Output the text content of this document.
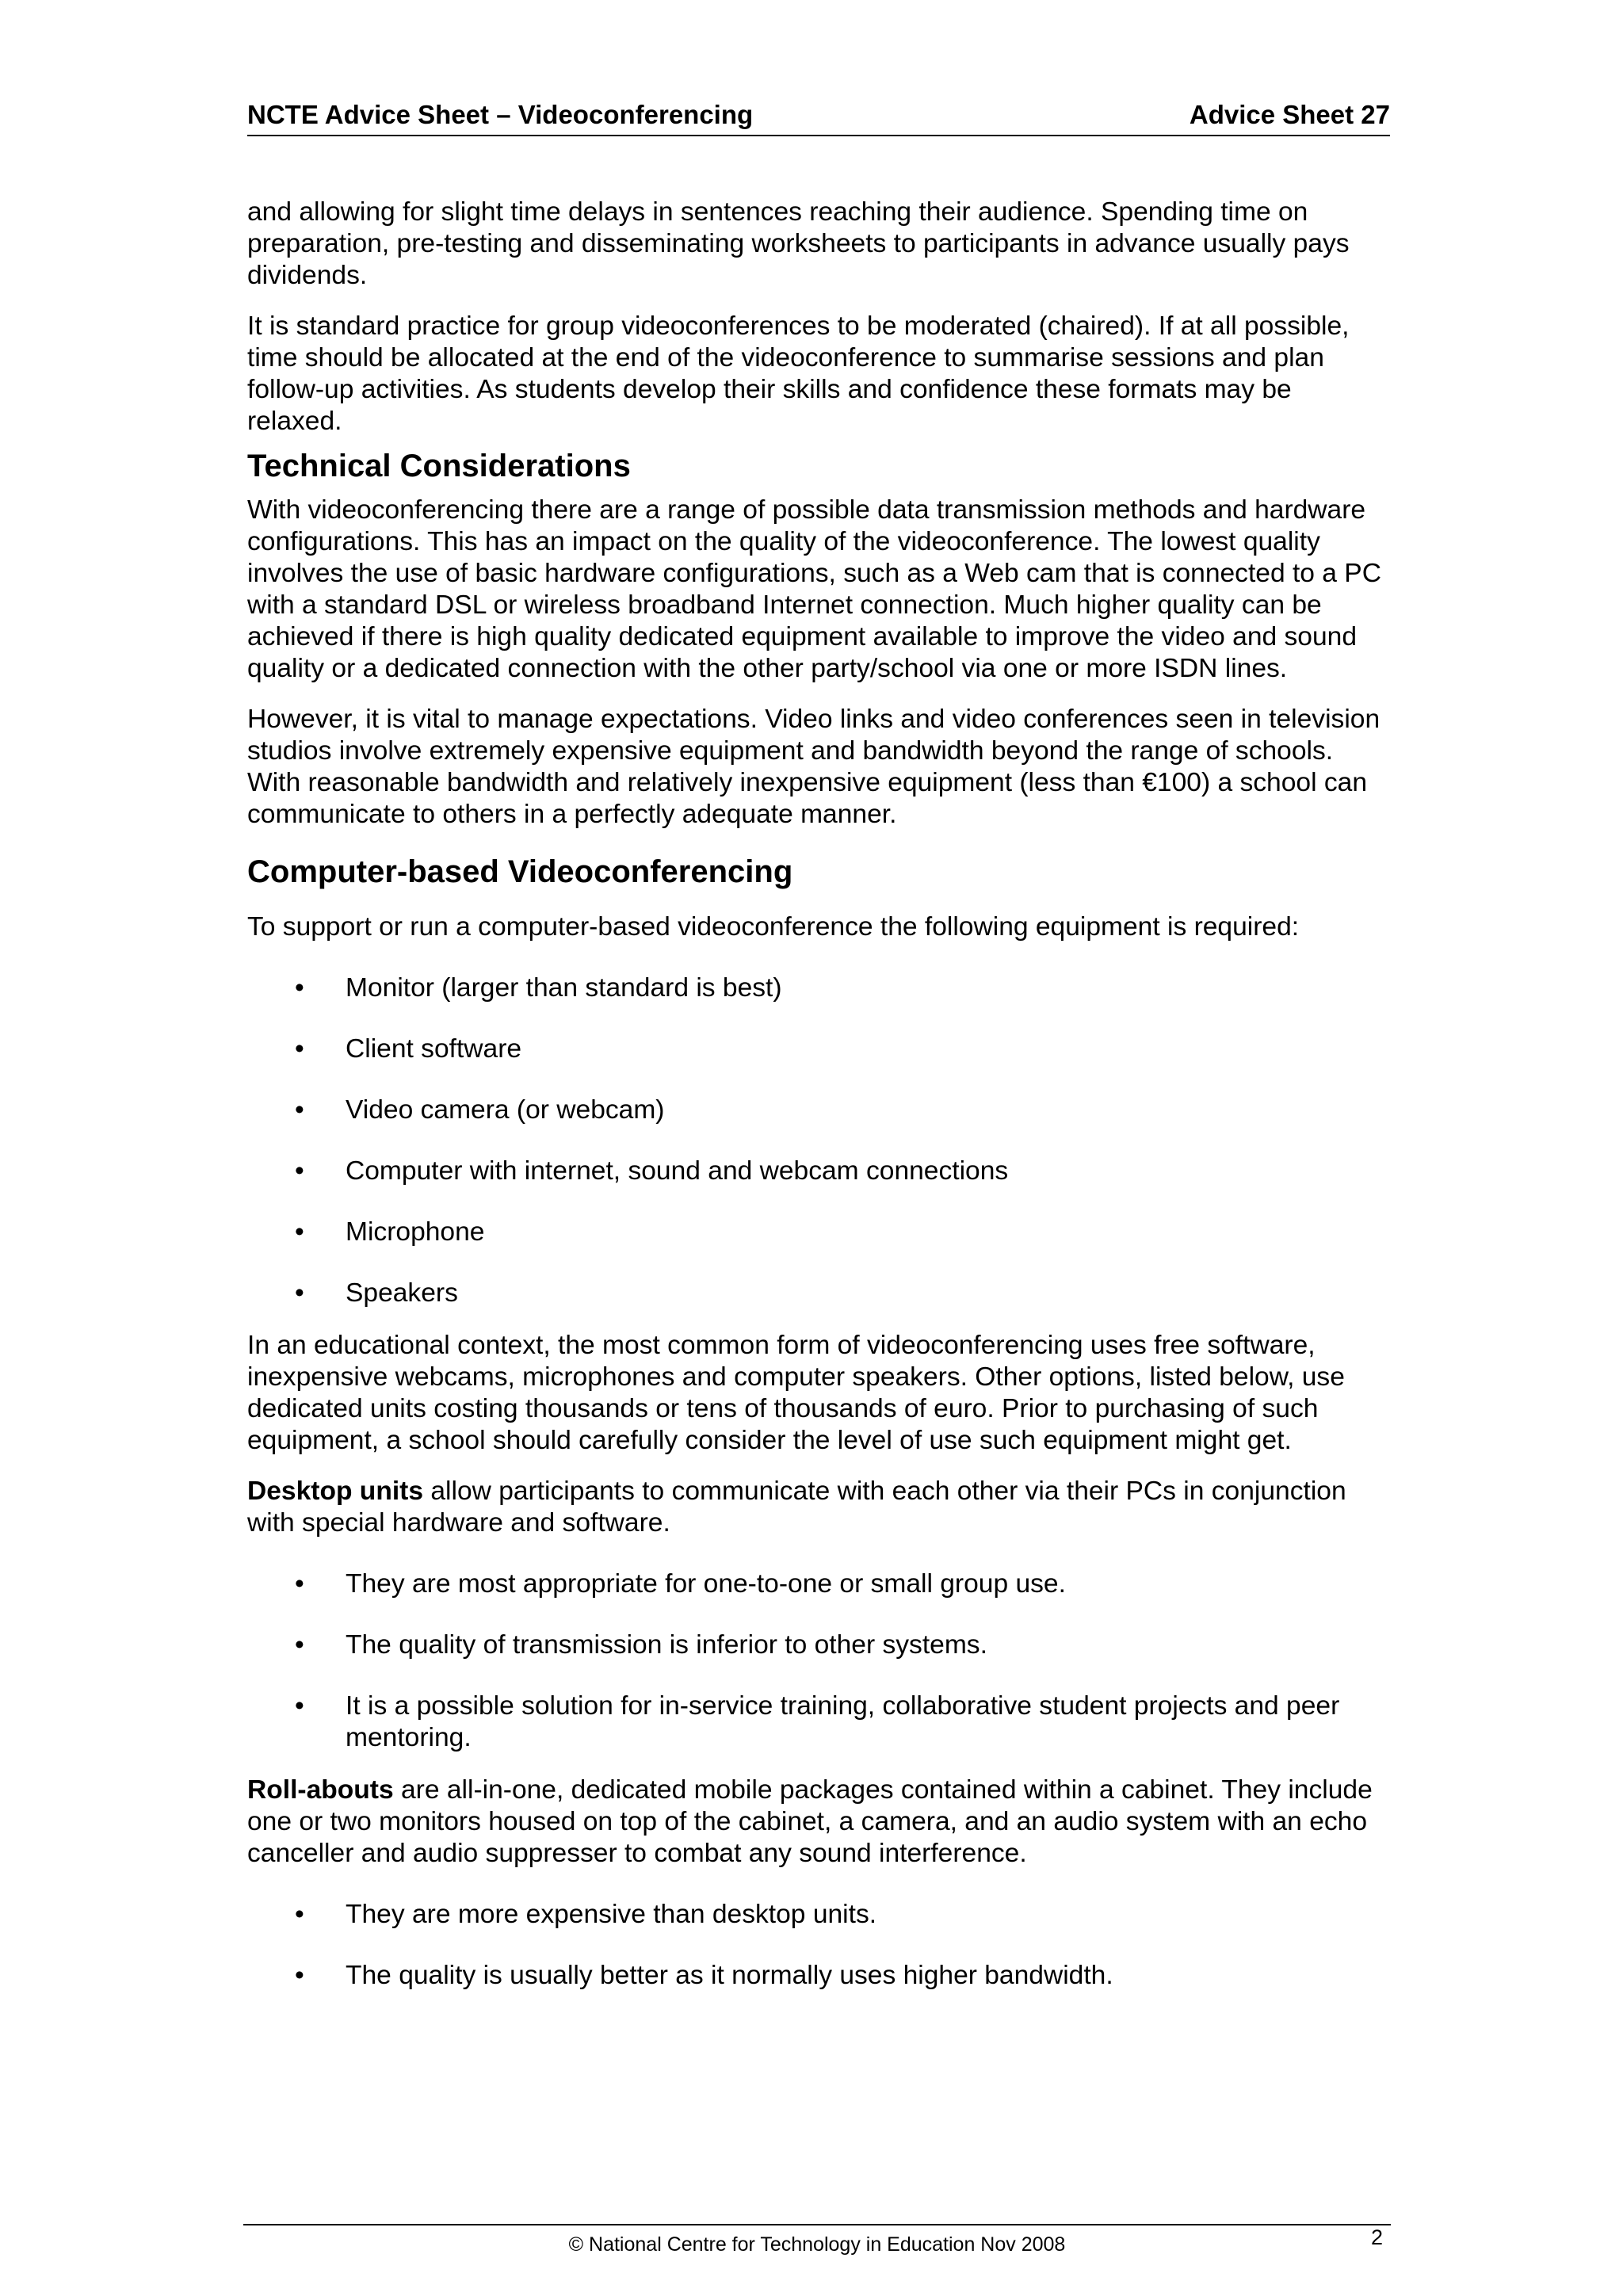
NCTE Advice Sheet – Videoconferencing	Advice Sheet 27

and allowing for slight time delays in sentences reaching their audience. Spending time on preparation, pre-testing and disseminating worksheets to participants in advance usually pays dividends.

It is standard practice for group videoconferences to be moderated (chaired). If at all possible, time should be allocated at the end of the videoconference to summarise sessions and plan follow-up activities. As students develop their skills and confidence these formats may be relaxed.

Technical Considerations

With videoconferencing there are a range of possible data transmission methods and hardware configurations. This has an impact on the quality of the videoconference. The lowest quality involves the use of basic hardware configurations, such as a Web cam that is connected to a PC with a standard DSL or wireless broadband Internet connection. Much higher quality can be achieved if there is high quality dedicated equipment available to improve the video and sound quality or a dedicated connection with the other party/school via one or more ISDN lines.

However, it is vital to manage expectations. Video links and video conferences seen in television studios involve extremely expensive equipment and bandwidth beyond the range of schools. With reasonable bandwidth and relatively inexpensive equipment (less than €100) a school can communicate to others in a perfectly adequate manner.

Computer-based Videoconferencing

To support or run a computer-based videoconference the following equipment is required:

• Monitor (larger than standard is best)
• Client software
• Video camera (or webcam)
• Computer with internet, sound and webcam connections
• Microphone
• Speakers

In an educational context, the most common form of videoconferencing uses free software, inexpensive webcams, microphones and computer speakers. Other options, listed below, use dedicated units costing thousands or tens of thousands of euro. Prior to purchasing of such equipment, a school should carefully consider the level of use such equipment might get.

Desktop units allow participants to communicate with each other via their PCs in conjunction with special hardware and software.

• They are most appropriate for one-to-one or small group use.
• The quality of transmission is inferior to other systems.
• It is a possible solution for in-service training, collaborative student projects and peer mentoring.

Roll-abouts are all-in-one, dedicated mobile packages contained within a cabinet. They include one or two monitors housed on top of the cabinet, a camera, and an audio system with an echo canceller and audio suppresser to combat any sound interference.

• They are more expensive than desktop units.
• The quality is usually better as it normally uses higher bandwidth.
© National Centre for Technology in Education Nov 2008	2
